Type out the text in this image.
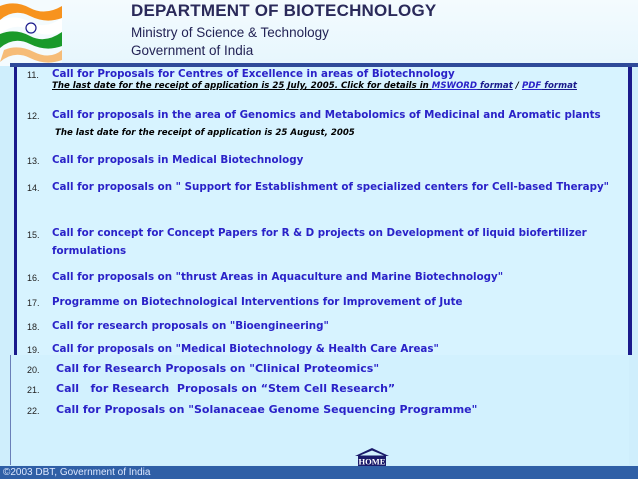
DEPARTMENT OF BIOTECHNOLOGY
Ministry of Science & Technology
Government of India
11. Call for Proposals for Centres of Excellence in areas of Biotechnology
The last date for the receipt of application is 25 July, 2005. Click for details in MSWORD format / PDF format
12. Call for proposals in the area of Genomics and Metabolomics of Medicinal and Aromatic plants
The last date for the receipt of application is 25 August, 2005
13. Call for proposals in Medical Biotechnology
14. Call for proposals on " Support for Establishment of specialized centers for Cell-based Therapy"
15. Call for concept for Concept Papers for R & D projects on Development of liquid biofertilizer
formulations
16. Call for proposals on "thrust Areas in Aquaculture and Marine Biotechnology"
17. Programme on Biotechnological Interventions for Improvement of Jute
18. Call for research proposals on "Bioengineering"
19. Call for proposals on "Medical Biotechnology & Health Care Areas"
20. Call for Research Proposals on "Clinical Proteomics"
21. Call   for Research  Proposals on “Stem Cell Research”
22. Call for Proposals on "Solanaceae Genome Sequencing Programme"
HOME
©2003 DBT, Government of India
